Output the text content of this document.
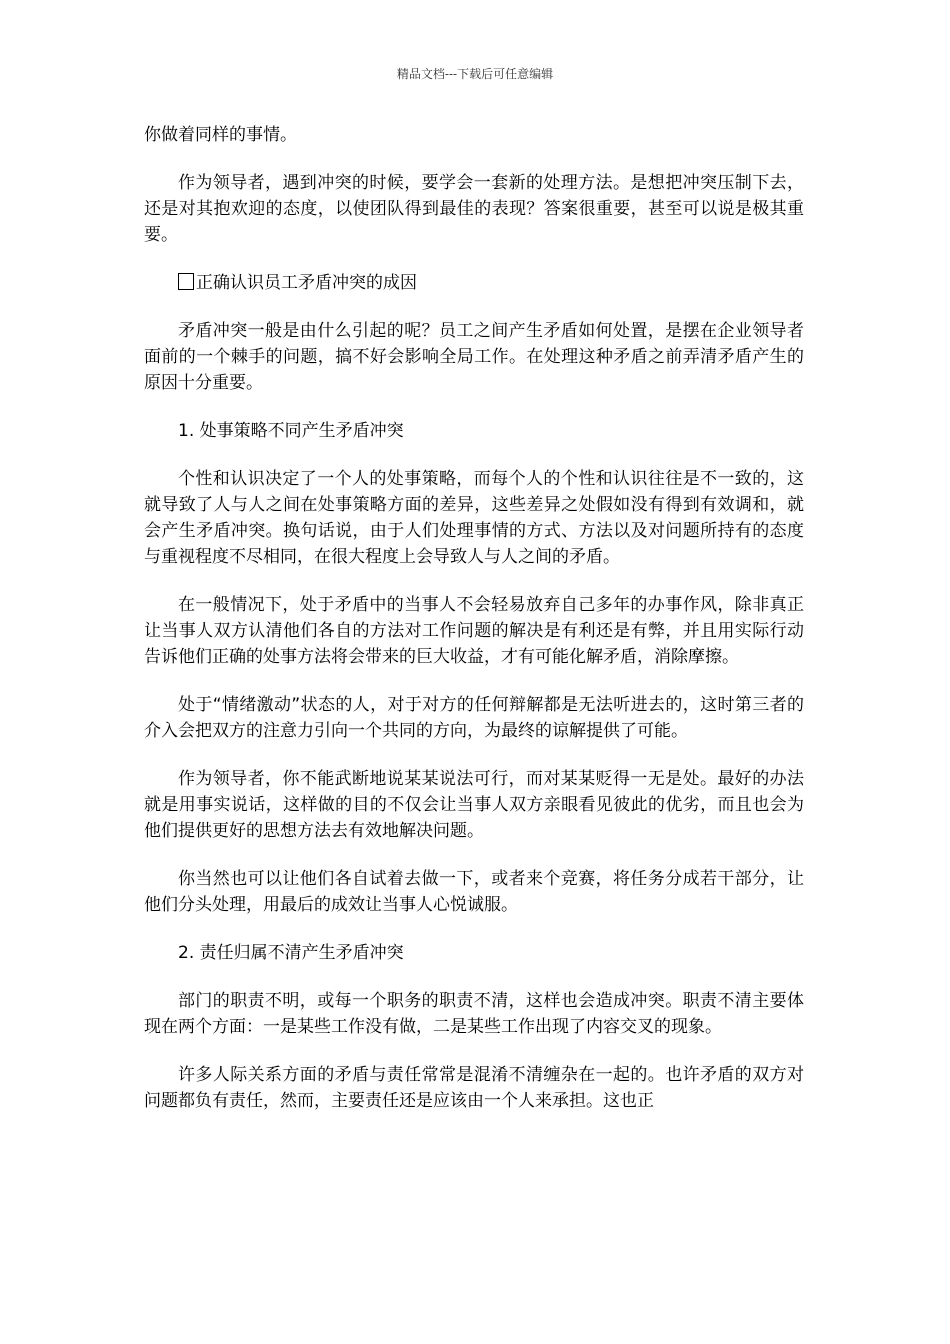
精品文档---下载后可任意编辑

你做着同样的事情。

作为领导者，遇到冲突的时候，要学会一套新的处理方法。是想把冲突压制下去，还是对其抱欢迎的态度，以使团队得到最佳的表现？答案很重要，甚至可以说是极其重要。

正确认识员工矛盾冲突的成因

矛盾冲突一般是由什么引起的呢？员工之间产生矛盾如何处置，是摆在企业领导者面前的一个棘手的问题，搞不好会影响全局工作。在处理这种矛盾之前弄清矛盾产生的原因十分重要。

1. 处事策略不同产生矛盾冲突

个性和认识决定了一个人的处事策略，而每个人的个性和认识往往是不一致的，这就导致了人与人之间在处事策略方面的差异，这些差异之处假如没有得到有效调和，就会产生矛盾冲突。换句话说，由于人们处理事情的方式、方法以及对问题所持有的态度与重视程度不尽相同，在很大程度上会导致人与人之间的矛盾。

在一般情况下，处于矛盾中的当事人不会轻易放弃自己多年的办事作风，除非真正让当事人双方认清他们各自的方法对工作问题的解决是有利还是有弊，并且用实际行动告诉他们正确的处事方法将会带来的巨大收益，才有可能化解矛盾，消除摩擦。

处于“情绪激动”状态的人，对于对方的任何辩解都是无法听进去的，这时第三者的介入会把双方的注意力引向一个共同的方向，为最终的谅解提供了可能。

作为领导者，你不能武断地说某某说法可行，而对某某贬得一无是处。最好的办法就是用事实说话，这样做的目的不仅会让当事人双方亲眼看见彼此的优劣，而且也会为他们提供更好的思想方法去有效地解决问题。

你当然也可以让他们各自试着去做一下，或者来个竞赛，将任务分成若干部分，让他们分头处理，用最后的成效让当事人心悦诚服。

2. 责任归属不清产生矛盾冲突

部门的职责不明，或每一个职务的职责不清，这样也会造成冲突。职责不清主要体现在两个方面：一是某些工作没有做，二是某些工作出现了内容交叉的现象。

许多人际关系方面的矛盾与责任常常是混淆不清缠杂在一起的。也许矛盾的双方对问题都负有责任，然而，主要责任还是应该由一个人来承担。这也正
